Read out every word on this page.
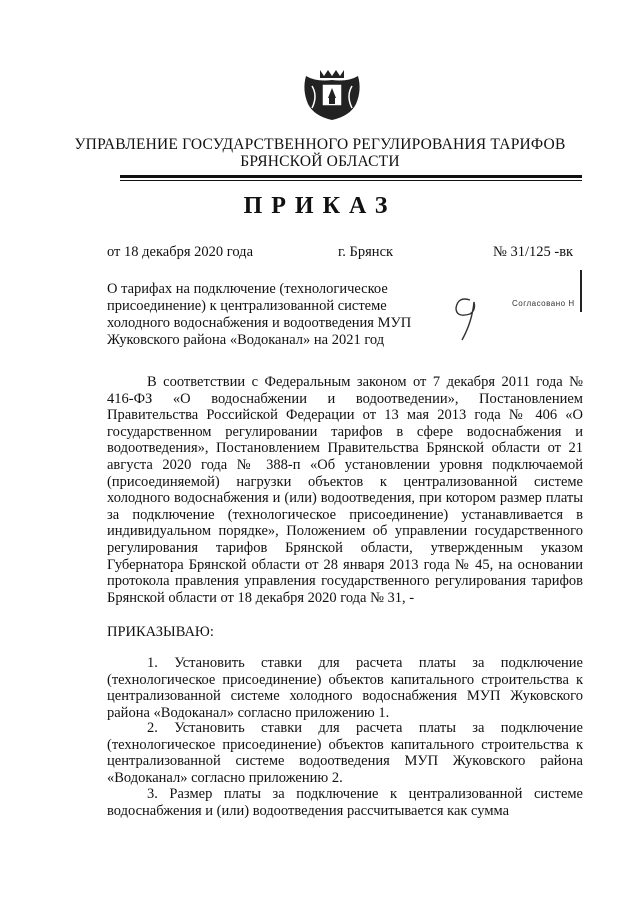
УПРАВЛЕНИЕ ГОСУДАРСТВЕННОГО РЕГУЛИРОВАНИЯ ТАРИФОВ
БРЯНСКОЙ ОБЛАСТИ
ПРИКАЗ
от 18 декабря 2020 года	г. Брянск	№ 31/125 -вк
О тарифах на подключение (технологическое присоединение) к централизованной системе холодного водоснабжения и водоотведения МУП Жуковского района «Водоканал» на 2021 год
Согласовано Н

В соответствии с Федеральным законом от 7 декабря 2011 года № 416-ФЗ «О водоснабжении и водоотведении», Постановлением Правительства Российской Федерации от 13 мая 2013 года № 406 «О государственном регулировании тарифов в сфере водоснабжения и водоотведения», Постановлением Правительства Брянской области от 21 августа 2020 года № 388-п «Об установлении уровня подключаемой (присоединяемой) нагрузки объектов к централизованной системе холодного водоснабжения и (или) водоотведения, при котором размер платы за подключение (технологическое присоединение) устанавливается в индивидуальном порядке», Положением об управлении государственного регулирования тарифов Брянской области, утвержденным указом Губернатора Брянской области от 28 января 2013 года № 45, на основании протокола правления управления государственного регулирования тарифов Брянской области от 18 декабря 2020 года № 31, -

ПРИКАЗЫВАЮ:

1. Установить ставки для расчета платы за подключение (технологическое присоединение) объектов капитального строительства к централизованной системе холодного водоснабжения МУП Жуковского района «Водоканал» согласно приложению 1.

2. Установить ставки для расчета платы за подключение (технологическое присоединение) объектов капитального строительства к централизованной системе водоотведения МУП Жуковского района «Водоканал» согласно приложению 2.

3. Размер платы за подключение к централизованной системе водоснабжения и (или) водоотведения рассчитывается как сумма
